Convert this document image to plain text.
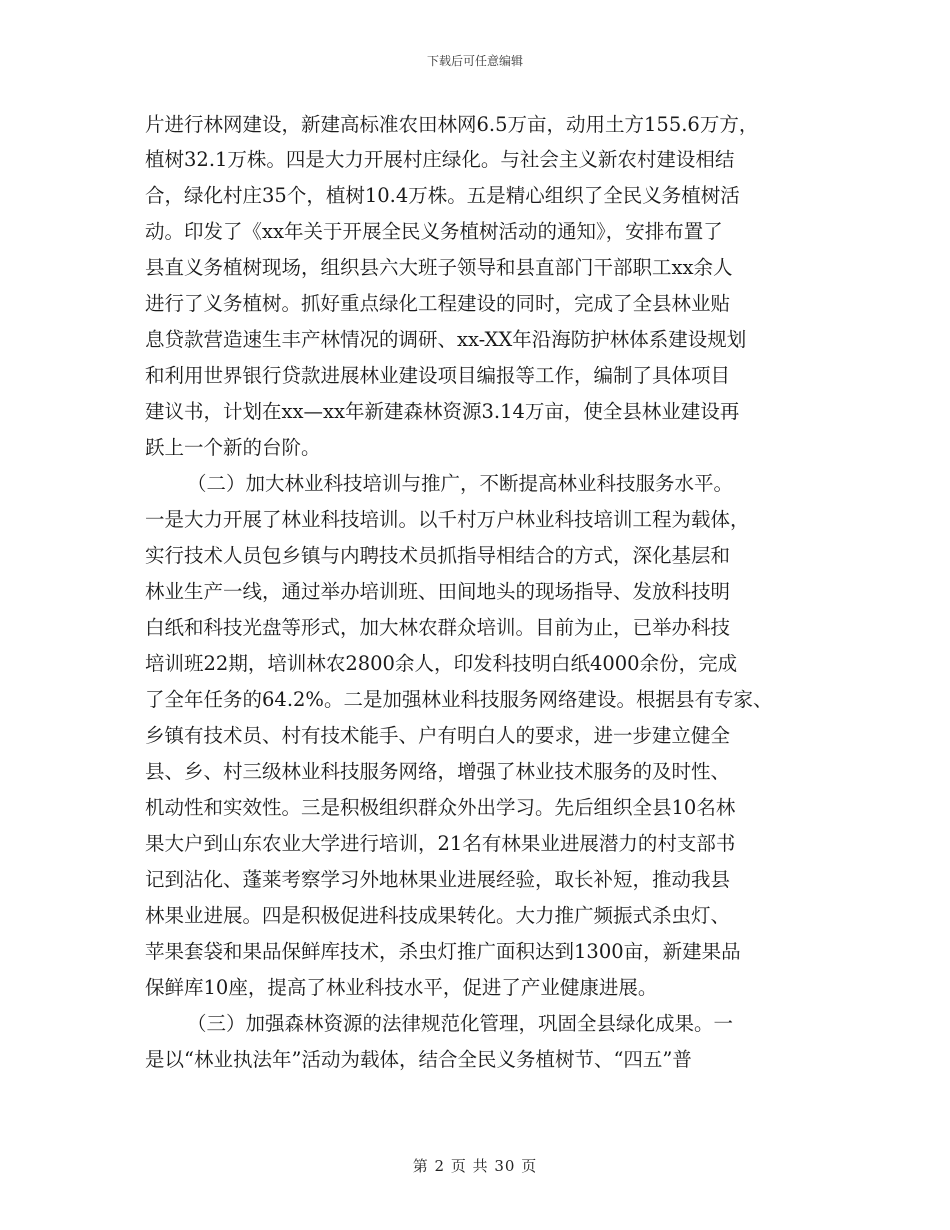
下载后可任意编辑
片进行林网建设，新建高标准农田林网6.5万亩，动用土方155.6万方，
植树32.1万株。四是大力开展村庄绿化。与社会主义新农村建设相结
合，绿化村庄35个，植树10.4万株。五是精心组织了全民义务植树活
动。印发了《xx年关于开展全民义务植树活动的通知》，安排布置了
县直义务植树现场，组织县六大班子领导和县直部门干部职工xx余人
进行了义务植树。抓好重点绿化工程建设的同时，完成了全县林业贴
息贷款营造速生丰产林情况的调研、xx-XX年沿海防护林体系建设规划
和利用世界银行贷款进展林业建设项目编报等工作，编制了具体项目
建议书，计划在xx—xx年新建森林资源3.14万亩，使全县林业建设再
跃上一个新的台阶。
（二）加大林业科技培训与推广，不断提高林业科技服务水平。
一是大力开展了林业科技培训。以千村万户林业科技培训工程为载体，
实行技术人员包乡镇与内聘技术员抓指导相结合的方式，深化基层和
林业生产一线，通过举办培训班、田间地头的现场指导、发放科技明
白纸和科技光盘等形式，加大林农群众培训。目前为止，已举办科技
培训班22期，培训林农2800余人，印发科技明白纸4000余份，完成
了全年任务的64.2%。二是加强林业科技服务网络建设。根据县有专家、
乡镇有技术员、村有技术能手、户有明白人的要求，进一步建立健全
县、乡、村三级林业科技服务网络，增强了林业技术服务的及时性、
机动性和实效性。三是积极组织群众外出学习。先后组织全县10名林
果大户到山东农业大学进行培训，21名有林果业进展潜力的村支部书
记到沾化、蓬莱考察学习外地林果业进展经验，取长补短，推动我县
林果业进展。四是积极促进科技成果转化。大力推广频振式杀虫灯、
苹果套袋和果品保鲜库技术，杀虫灯推广面积达到1300亩，新建果品
保鲜库10座，提高了林业科技水平，促进了产业健康进展。
（三）加强森林资源的法律规范化管理，巩固全县绿化成果。一
是以“林业执法年”活动为载体，结合全民义务植树节、“四五”普
第 2 页 共 30 页
